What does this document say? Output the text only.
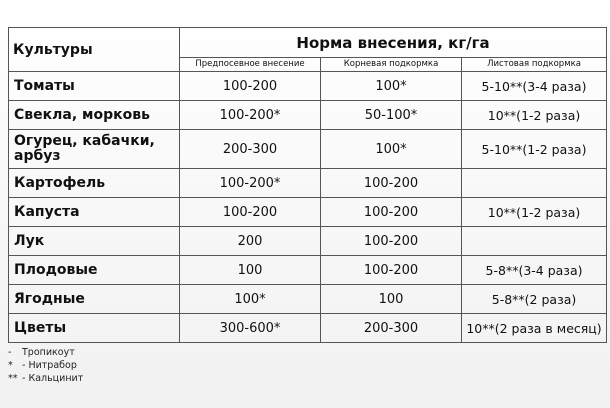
Культуры	Норма внесения, кг/га		
	Предпосевное внесение	Корневая подкормка	Листовая подкормка
Томаты	100-200	100*	5-10**(3-4 раза)
Свекла, морковь	100-200*	50-100*	10**(1-2 раза)
Огурец, кабачки, арбуз	200-300	100*	5-10**(1-2 раза)
Картофель	100-200*	100-200	
Капуста	100-200	100-200	10**(1-2 раза)
Лук	200	100-200	
Плодовые	100	100-200	5-8**(3-4 раза)
Ягодные	100*	100	5-8**(2 раза)
Цветы	300-600*	200-300	10**(2 раза в месяц)
- Тропикоут
* - Нитрабор
** - Кальцинит
